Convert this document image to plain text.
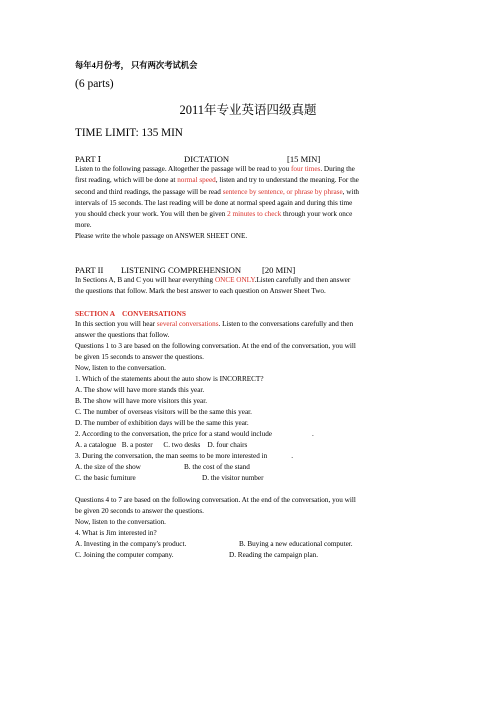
每年4月份考， 只有两次考试机会
(6 parts)
2011年专业英语四级真题
TIME LIMIT: 135 MIN
PART Ⅰ	DICTATION	[15 MIN]
Listen to the following passage. Altogether the passage will be read to you four times. During the
first reading, which will be done at normal speed, listen and try to understand the meaning. For the
second and third readings, the passage will be read sentence by sentence, or phrase by phrase, with
intervals of 15 seconds. The last reading will be done at normal speed again and during this time
you should check your work. You will then be given 2 minutes to check through your work once
more.
Please write the whole passage on ANSWER SHEET ONE.
PART II LISTENING COMPREHENSION [20 MIN]
In Sections A, B and C you will hear everything ONCE ONLY.Listen carefully and then answer
the questions that follow. Mark the best answer to each question on Answer Sheet Two.
SECTION A　CONVERSATIONS
In this section you will hear several conversations. Listen to the conversations carefully and then
answer the questions that follow.
Questions 1 to 3 are based on the following conversation. At the end of the conversation, you will
be given 15 seconds to answer the questions.
Now, listen to the conversation.
1. Which of the statements about the auto show is INCORRECT?
A. The show will have more stands this year.
B. The show will have more visitors this year.
C. The number of overseas visitors will be the same this year.
D. The number of exhibition days will be the same this year.
2. According to the conversation, the price for a stand would include	.
A. a catalogue   B. a poster      C. two desks    D. four chairs
3. During the conversation, the man seems to be more interested in	.
A. the size of the show	B. the cost of the stand
C. the basic furniture	D. the visitor number
Questions 4 to 7 are based on the following conversation. At the end of the conversation, you will
be given 20 seconds to answer the questions.
Now, listen to the conversation.
4. What is Jim interested in?
A. Investing in the company's product.	B. Buying a new educational computer.
C. Joining the computer company.	D. Reading the campaign plan.
